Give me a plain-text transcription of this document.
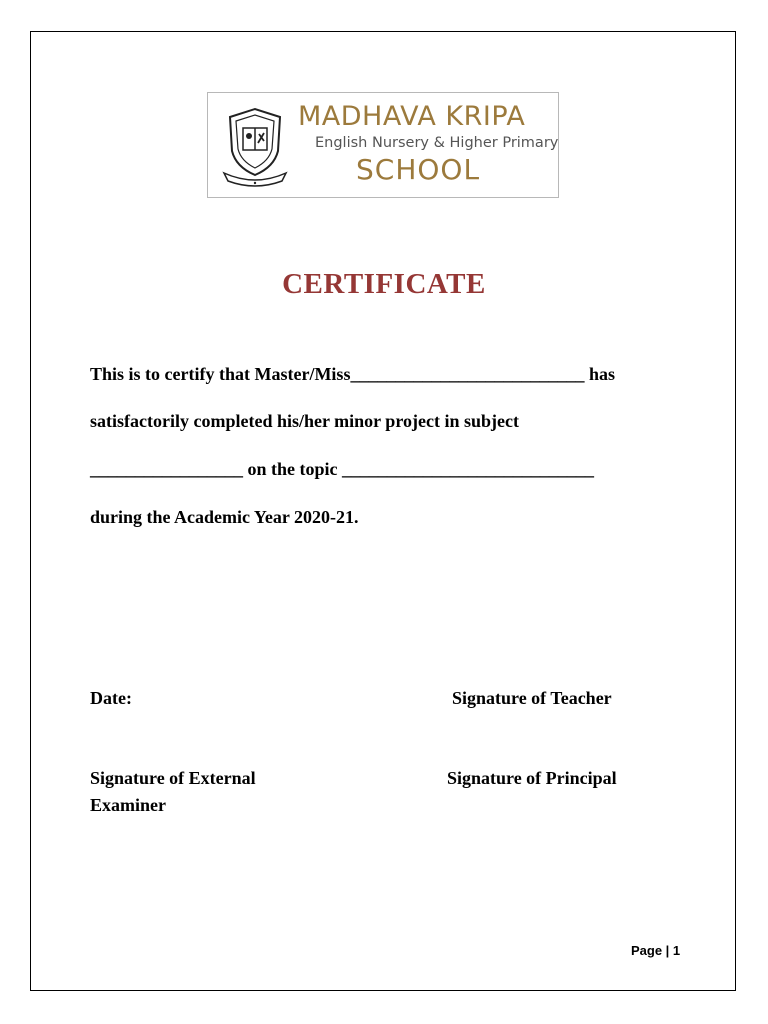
MADHAVA KRIPA
English Nursery & Higher Primary
SCHOOL
CERTIFICATE
This is to certify that Master/Miss__________________________ has
satisfactorily completed his/her minor project in subject
_________________ on the topic ____________________________
during the Academic Year 2020-21.
Date:	Signature of Teacher
Signature of External
Examiner
Signature of Principal
Page | 1
